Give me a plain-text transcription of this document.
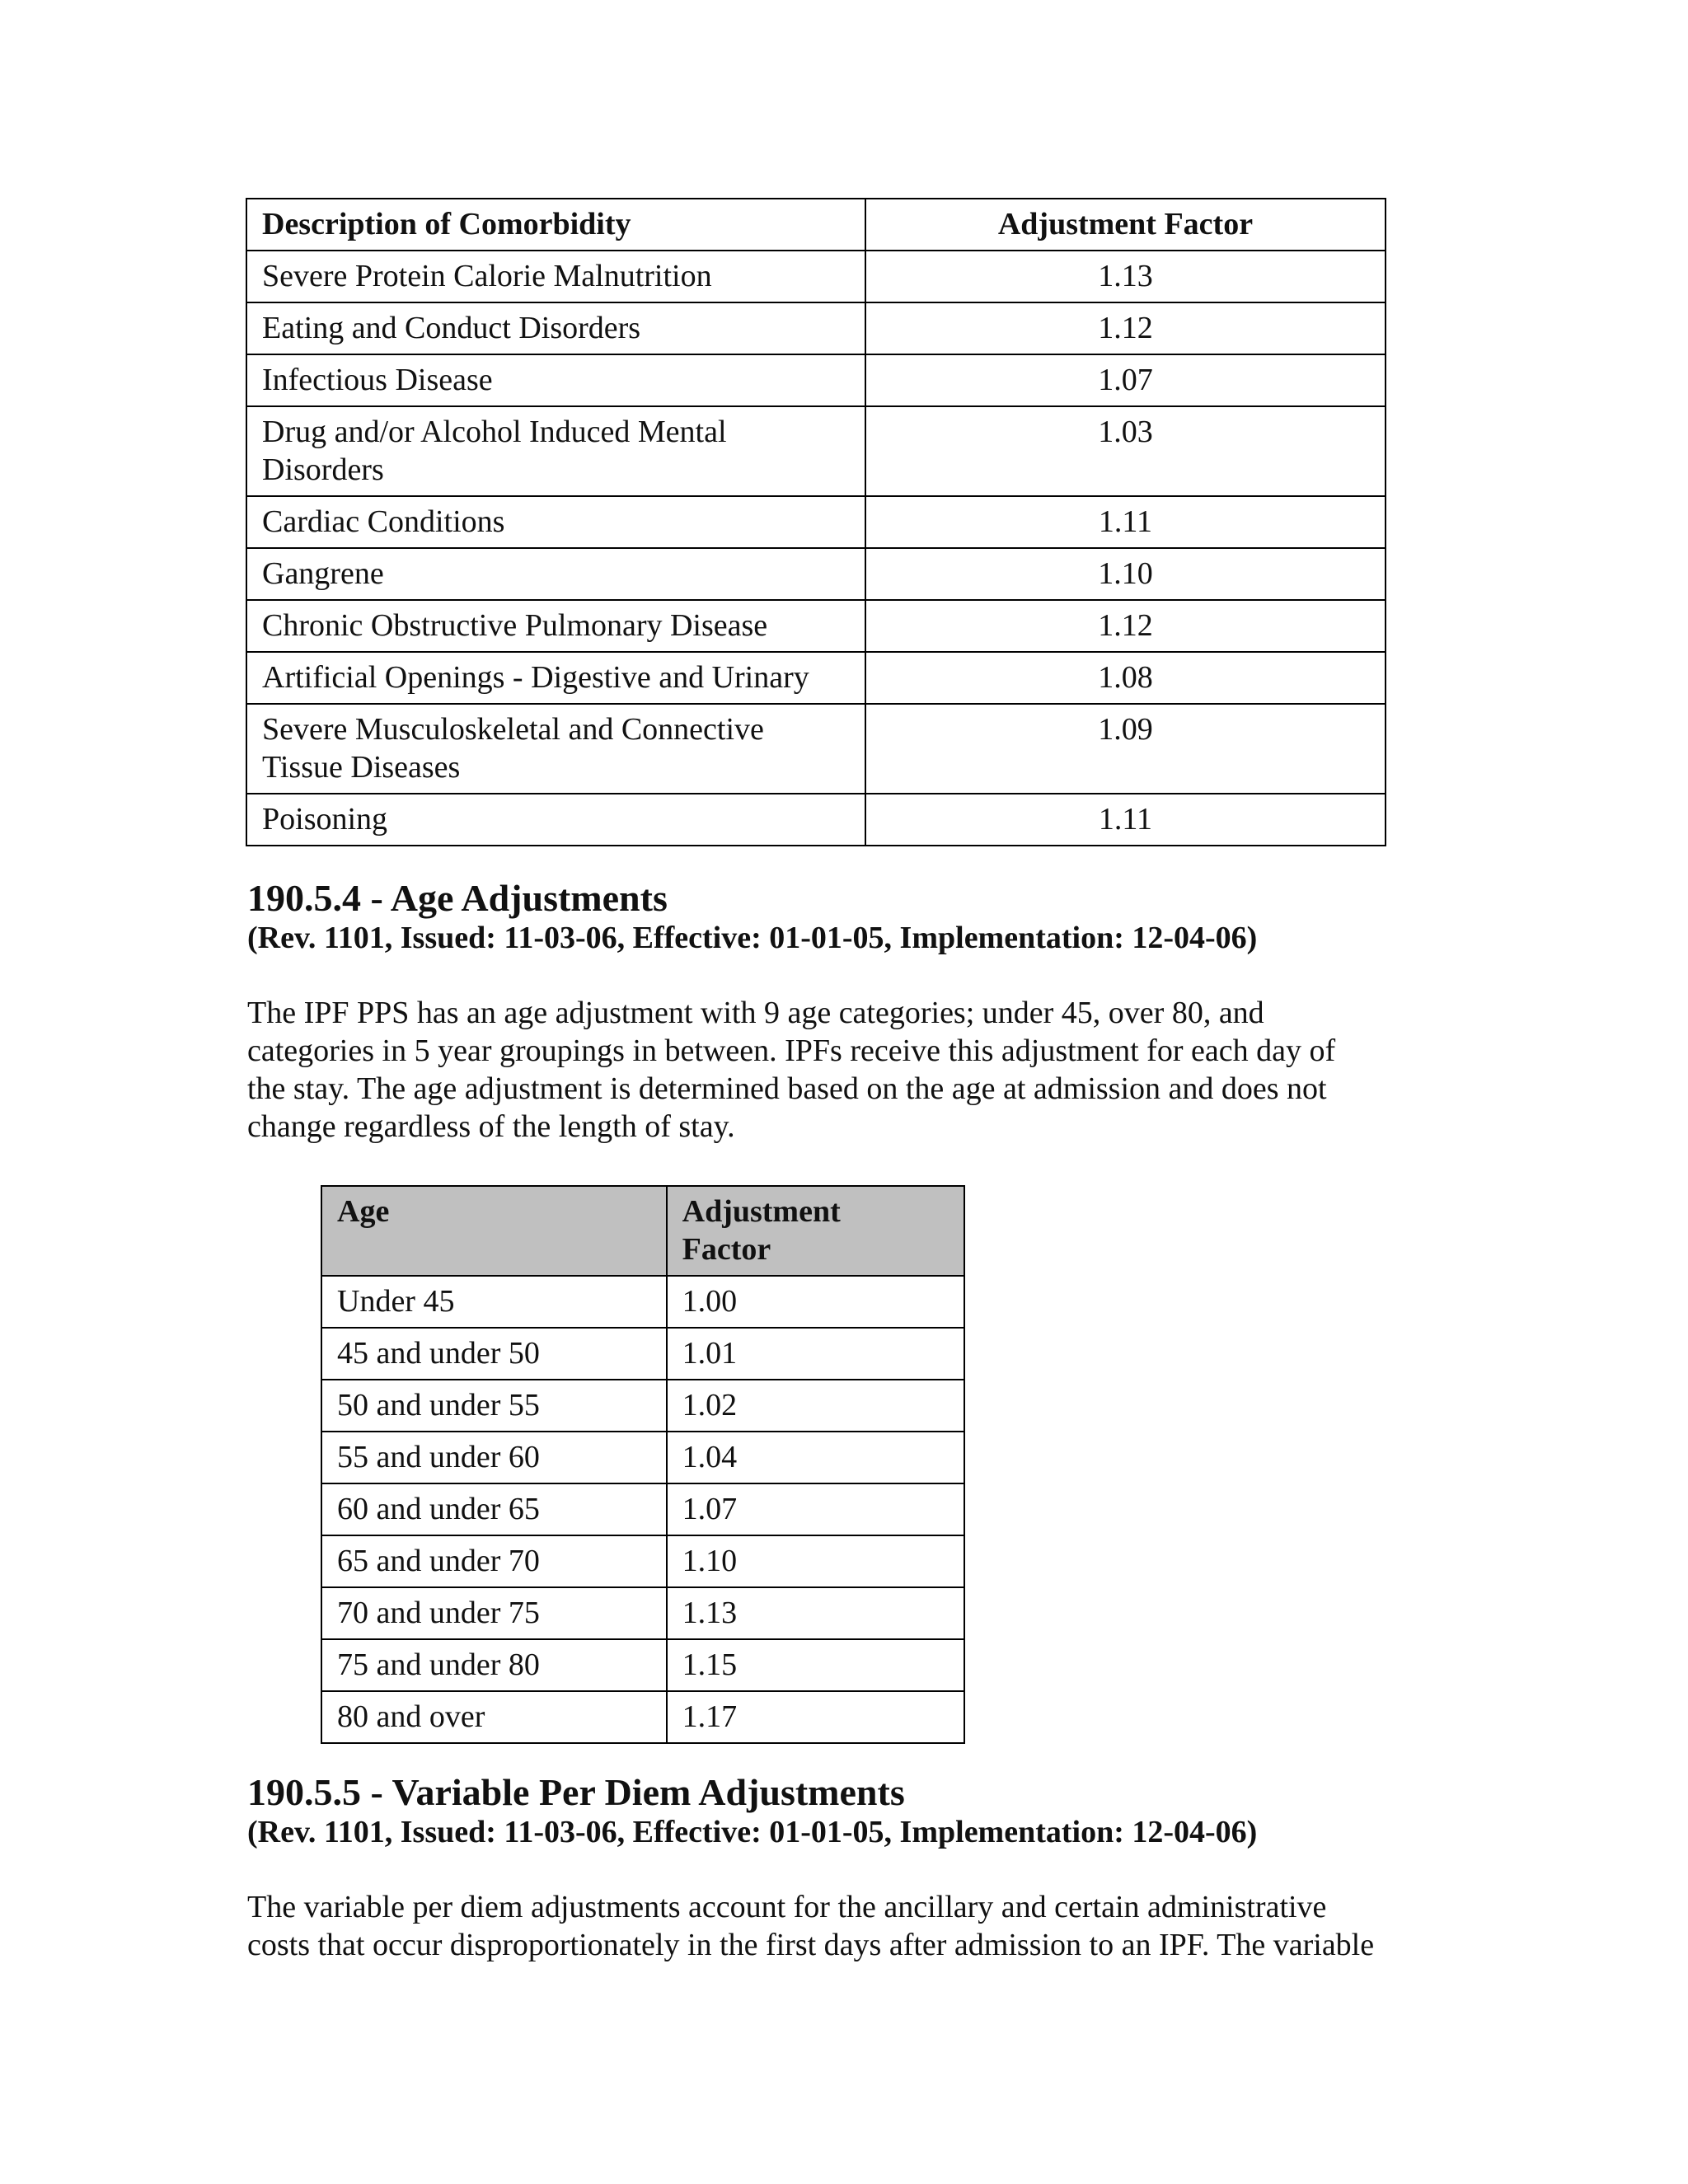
Description of Comorbidity	Adjustment Factor
Severe Protein Calorie Malnutrition	1.13
Eating and Conduct Disorders	1.12
Infectious Disease	1.07
Drug and/or Alcohol Induced Mental
Disorders	1.03
Cardiac Conditions	1.11
Gangrene	1.10
Chronic Obstructive Pulmonary Disease	1.12
Artificial Openings - Digestive and Urinary	1.08
Severe Musculoskeletal and Connective
Tissue Diseases	1.09
Poisoning	1.11
190.5.4 - Age Adjustments
(Rev. 1101, Issued: 11-03-06, Effective: 01-01-05, Implementation: 12-04-06)
The IPF PPS has an age adjustment with 9 age categories; under 45, over 80, and
categories in 5 year groupings in between. IPFs receive this adjustment for each day of
the stay. The age adjustment is determined based on the age at admission and does not
change regardless of the length of stay.
Age	Adjustment
Factor
Under 45	1.00
45 and under 50	1.01
50 and under 55	1.02
55 and under 60	1.04
60 and under 65	1.07
65 and under 70	1.10
70 and under 75	1.13
75 and under 80	1.15
80 and over	1.17
190.5.5 - Variable Per Diem Adjustments
(Rev. 1101, Issued: 11-03-06, Effective: 01-01-05, Implementation: 12-04-06)
The variable per diem adjustments account for the ancillary and certain administrative
costs that occur disproportionately in the first days after admission to an IPF. The variable
